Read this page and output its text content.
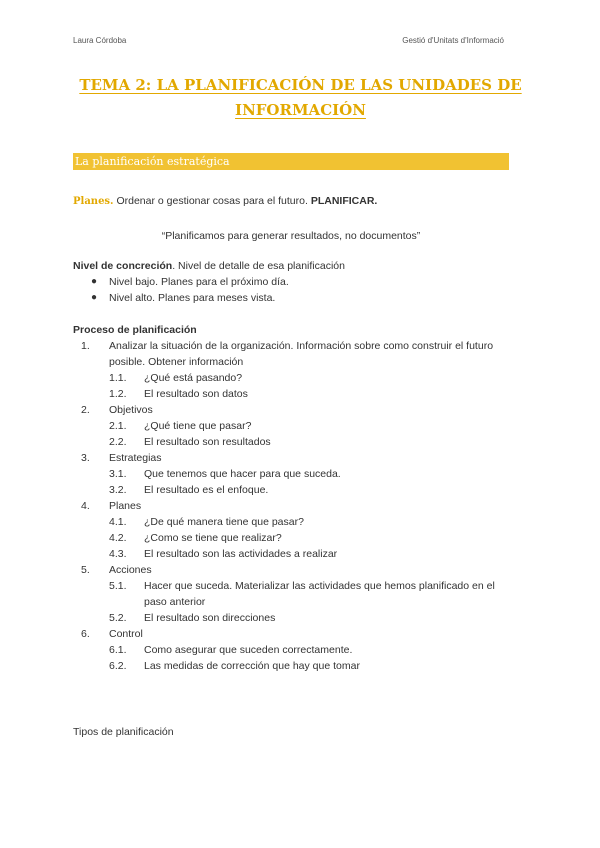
Laura Córdoba	Gestió d'Unitats d'Informació
TEMA 2: LA PLANIFICACIÓN DE LAS UNIDADES DE
INFORMACIÓN
La planificación estratégica
Planes. Ordenar o gestionar cosas para el futuro. PLANIFICAR.
“Planificamos para generar resultados, no documentos”
Nivel de concreción. Nivel de detalle de esa planificación
● Nivel bajo. Planes para el próximo día.
● Nivel alto. Planes para meses vista.
Proceso de planificación
1. Analizar la situación de la organización. Información sobre como construir el futuro
posible. Obtener información
1.1. ¿Qué está pasando?
1.2. El resultado son datos
2. Objetivos
2.1. ¿Qué tiene que pasar?
2.2. El resultado son resultados
3. Estrategias
3.1. Que tenemos que hacer para que suceda.
3.2. El resultado es el enfoque.
4. Planes
4.1. ¿De qué manera tiene que pasar?
4.2. ¿Como se tiene que realizar?
4.3. El resultado son las actividades a realizar
5. Acciones
5.1. Hacer que suceda. Materializar las actividades que hemos planificado en el
paso anterior
5.2. El resultado son direcciones
6. Control
6.1. Como asegurar que suceden correctamente.
6.2. Las medidas de corrección que hay que tomar
Tipos de planificación
